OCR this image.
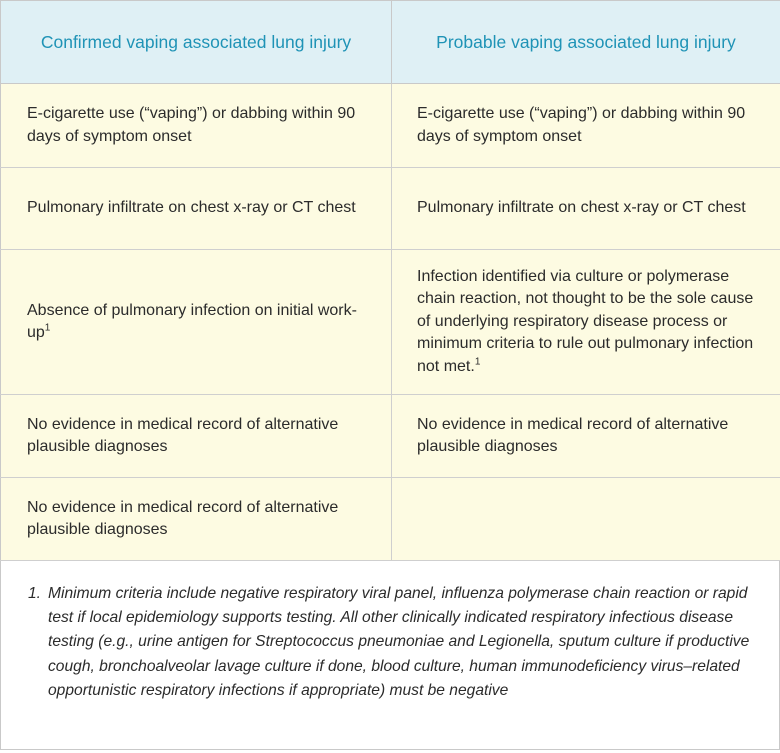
Confirmed vaping associated lung injury	Probable vaping associated lung injury

E-cigarette use (“vaping”) or dabbing within 90 days of symptom onset	E-cigarette use (“vaping”) or dabbing within 90 days of symptom onset

Pulmonary infiltrate on chest x-ray or CT chest	Pulmonary infiltrate on chest x-ray or CT chest

Absence of pulmonary infection on initial work-up$^1$	Infection identified via culture or polymerase chain reaction, not thought to be the sole cause of underlying respiratory disease process or minimum criteria to rule out pulmonary infection not met.$^1$

No evidence in medical record of alternative plausible diagnoses	No evidence in medical record of alternative plausible diagnoses

No evidence in medical record of alternative plausible diagnoses	

1. Minimum criteria include negative respiratory viral panel, influenza polymerase chain reaction or rapid test if local epidemiology supports testing. All other clinically indicated respiratory infectious disease testing (e.g., urine antigen for Streptococcus pneumoniae and Legionella, sputum culture if productive cough, bronchoalveolar lavage culture if done, blood culture, human immunodeficiency virus–related opportunistic respiratory infections if appropriate) must be negative
